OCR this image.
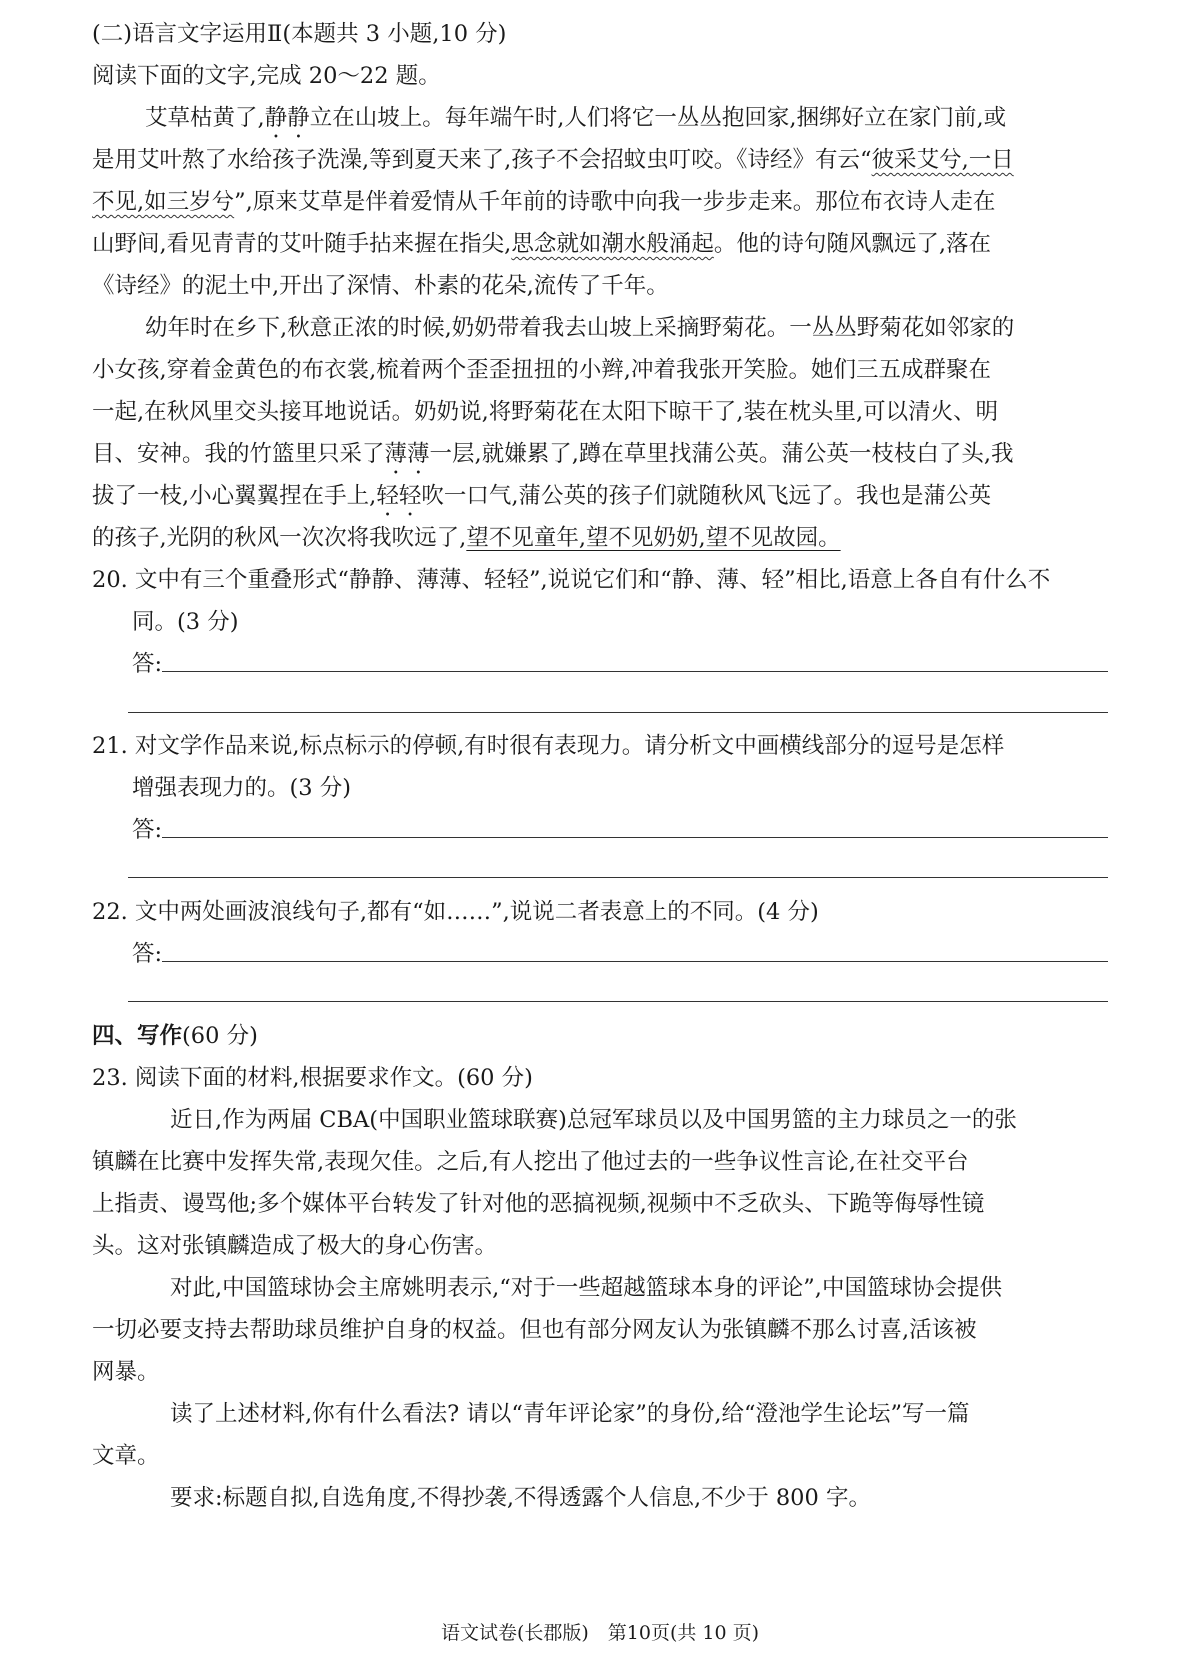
(二)语言文字运用Ⅱ(本题共 3 小题,10 分)
阅读下面的文字,完成 20～22 题。
艾草枯黄了,静静立在山坡上。每年端午时,人们将它一丛丛抱回家,捆绑好立在家门前,或
是用艾叶熬了水给孩子洗澡,等到夏天来了,孩子不会招蚊虫叮咬。《诗经》有云“彼采艾兮,一日
不见,如三岁兮”,原来艾草是伴着爱情从千年前的诗歌中向我一步步走来。那位布衣诗人走在
山野间,看见青青的艾叶随手拈来握在指尖,思念就如潮水般涌起。他的诗句随风飘远了,落在
《诗经》的泥土中,开出了深情、朴素的花朵,流传了千年。
幼年时在乡下,秋意正浓的时候,奶奶带着我去山坡上采摘野菊花。一丛丛野菊花如邻家的
小女孩,穿着金黄色的布衣裳,梳着两个歪歪扭扭的小辫,冲着我张开笑脸。她们三五成群聚在
一起,在秋风里交头接耳地说话。奶奶说,将野菊花在太阳下晾干了,装在枕头里,可以清火、明
目、安神。我的竹篮里只采了薄薄一层,就嫌累了,蹲在草里找蒲公英。蒲公英一枝枝白了头,我
拔了一枝,小心翼翼捏在手上,轻轻吹一口气,蒲公英的孩子们就随秋风飞远了。我也是蒲公英
的孩子,光阴的秋风一次次将我吹远了,望不见童年,望不见奶奶,望不见故园。
20. 文中有三个重叠形式“静静、薄薄、轻轻”,说说它们和“静、薄、轻”相比,语意上各自有什么不
同。(3 分)
答:
21. 对文学作品来说,标点标示的停顿,有时很有表现力。请分析文中画横线部分的逗号是怎样
增强表现力的。(3 分)
答:
22. 文中两处画波浪线句子,都有“如……”,说说二者表意上的不同。(4 分)
答:
四、写作(60 分)
23. 阅读下面的材料,根据要求作文。(60 分)
近日,作为两届 CBA(中国职业篮球联赛)总冠军球员以及中国男篮的主力球员之一的张
镇麟在比赛中发挥失常,表现欠佳。之后,有人挖出了他过去的一些争议性言论,在社交平台
上指责、谩骂他;多个媒体平台转发了针对他的恶搞视频,视频中不乏砍头、下跪等侮辱性镜
头。这对张镇麟造成了极大的身心伤害。
对此,中国篮球协会主席姚明表示,“对于一些超越篮球本身的评论”,中国篮球协会提供
一切必要支持去帮助球员维护自身的权益。但也有部分网友认为张镇麟不那么讨喜,活该被
网暴。
读了上述材料,你有什么看法? 请以“青年评论家”的身份,给“澄池学生论坛”写一篇
文章。
要求:标题自拟,自选角度,不得抄袭,不得透露个人信息,不少于 800 字。
语文试卷(长郡版)　第10页(共 10 页)
